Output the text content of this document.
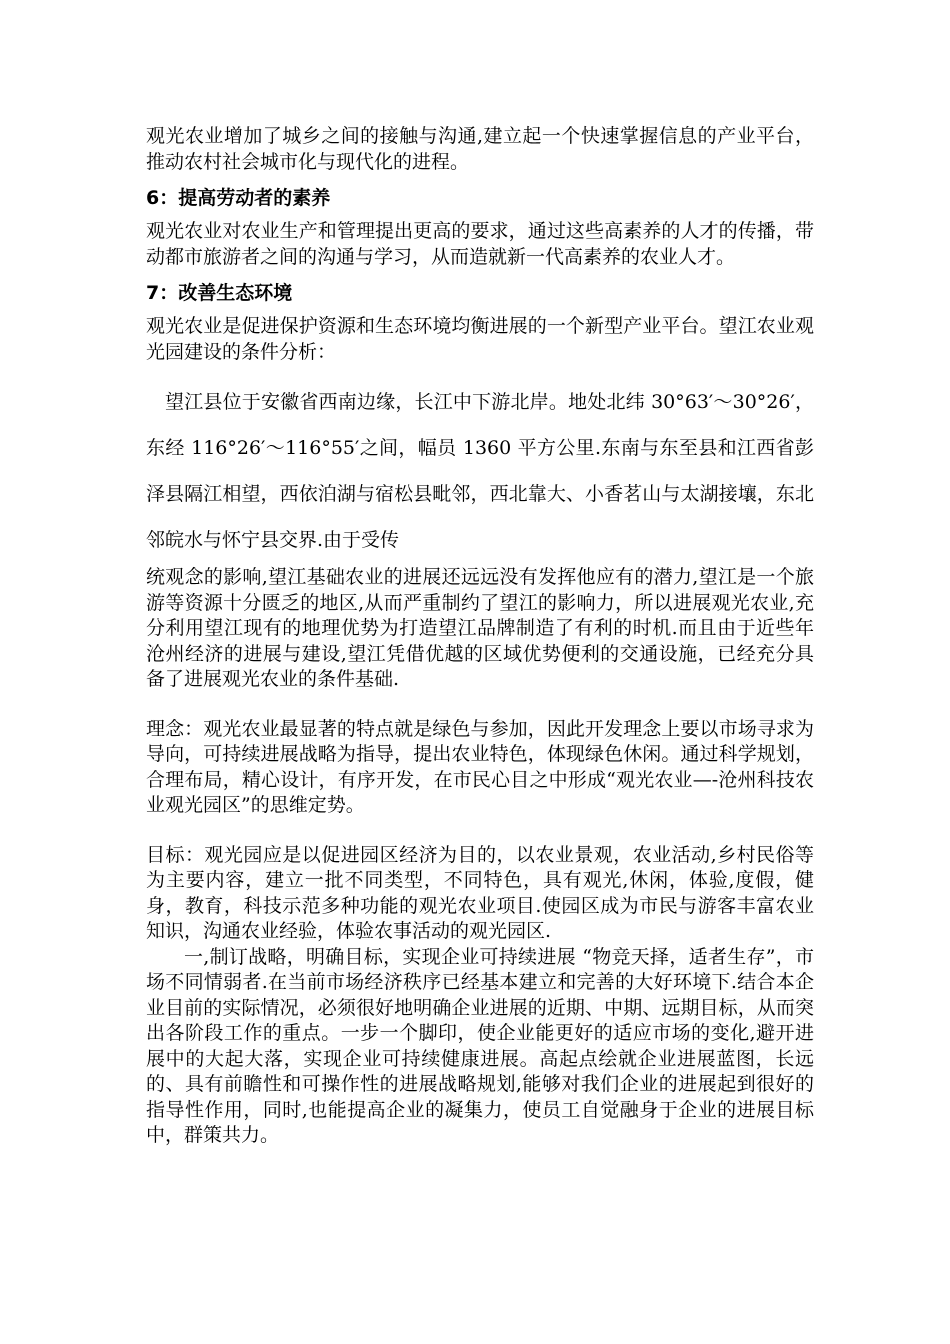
观光农业增加了城乡之间的接触与沟通,建立起一个快速掌握信息的产业平台，推动农村社会城市化与现代化的进程。

6：提高劳动者的素养

观光农业对农业生产和管理提出更高的要求，通过这些高素养的人才的传播，带动都市旅游者之间的沟通与学习，从而造就新一代高素养的农业人才。

7：改善生态环境

观光农业是促进保护资源和生态环境均衡进展的一个新型产业平台。望江农业观光园建设的条件分析：

望江县位于安徽省西南边缘，长江中下游北岸。地处北纬 30°63′～30°26′，东经 116°26′～116°55′之间，幅员 1360 平方公里.东南与东至县和江西省彭泽县隔江相望，西依泊湖与宿松县毗邻，西北靠大、小香茗山与太湖接壤，东北邻皖水与怀宁县交界.由于受传

统观念的影响,望江基础农业的进展还远远没有发挥他应有的潜力,望江是一个旅游等资源十分匮乏的地区,从而严重制约了望江的影响力，所以进展观光农业,充分利用望江现有的地理优势为打造望江品牌制造了有利的时机.而且由于近些年沧州经济的进展与建设,望江凭借优越的区域优势便利的交通设施，已经充分具备了进展观光农业的条件基础.

理念：观光农业最显著的特点就是绿色与参加，因此开发理念上要以市场寻求为导向，可持续进展战略为指导，提出农业特色，体现绿色休闲。通过科学规划，合理布局，精心设计，有序开发，在市民心目之中形成“观光农业—-沧州科技农业观光园区”的思维定势。

目标：观光园应是以促进园区经济为目的，以农业景观，农业活动,乡村民俗等为主要内容，建立一批不同类型，不同特色，具有观光,休闲，体验,度假，健身，教育，科技示范多种功能的观光农业项目.使园区成为市民与游客丰富农业知识，沟通农业经验，体验农事活动的观光园区.

一,制订战略，明确目标，实现企业可持续进展 “物竞天择，适者生存”，市场不同情弱者.在当前市场经济秩序已经基本建立和完善的大好环境下.结合本企业目前的实际情况，必须很好地明确企业进展的近期、中期、远期目标，从而突出各阶段工作的重点。一步一个脚印，使企业能更好的适应市场的变化,避开进展中的大起大落，实现企业可持续健康进展。高起点绘就企业进展蓝图，长远的、具有前瞻性和可操作性的进展战略规划,能够对我们企业的进展起到很好的指导性作用，同时,也能提高企业的凝集力，使员工自觉融身于企业的进展目标中，群策共力。
